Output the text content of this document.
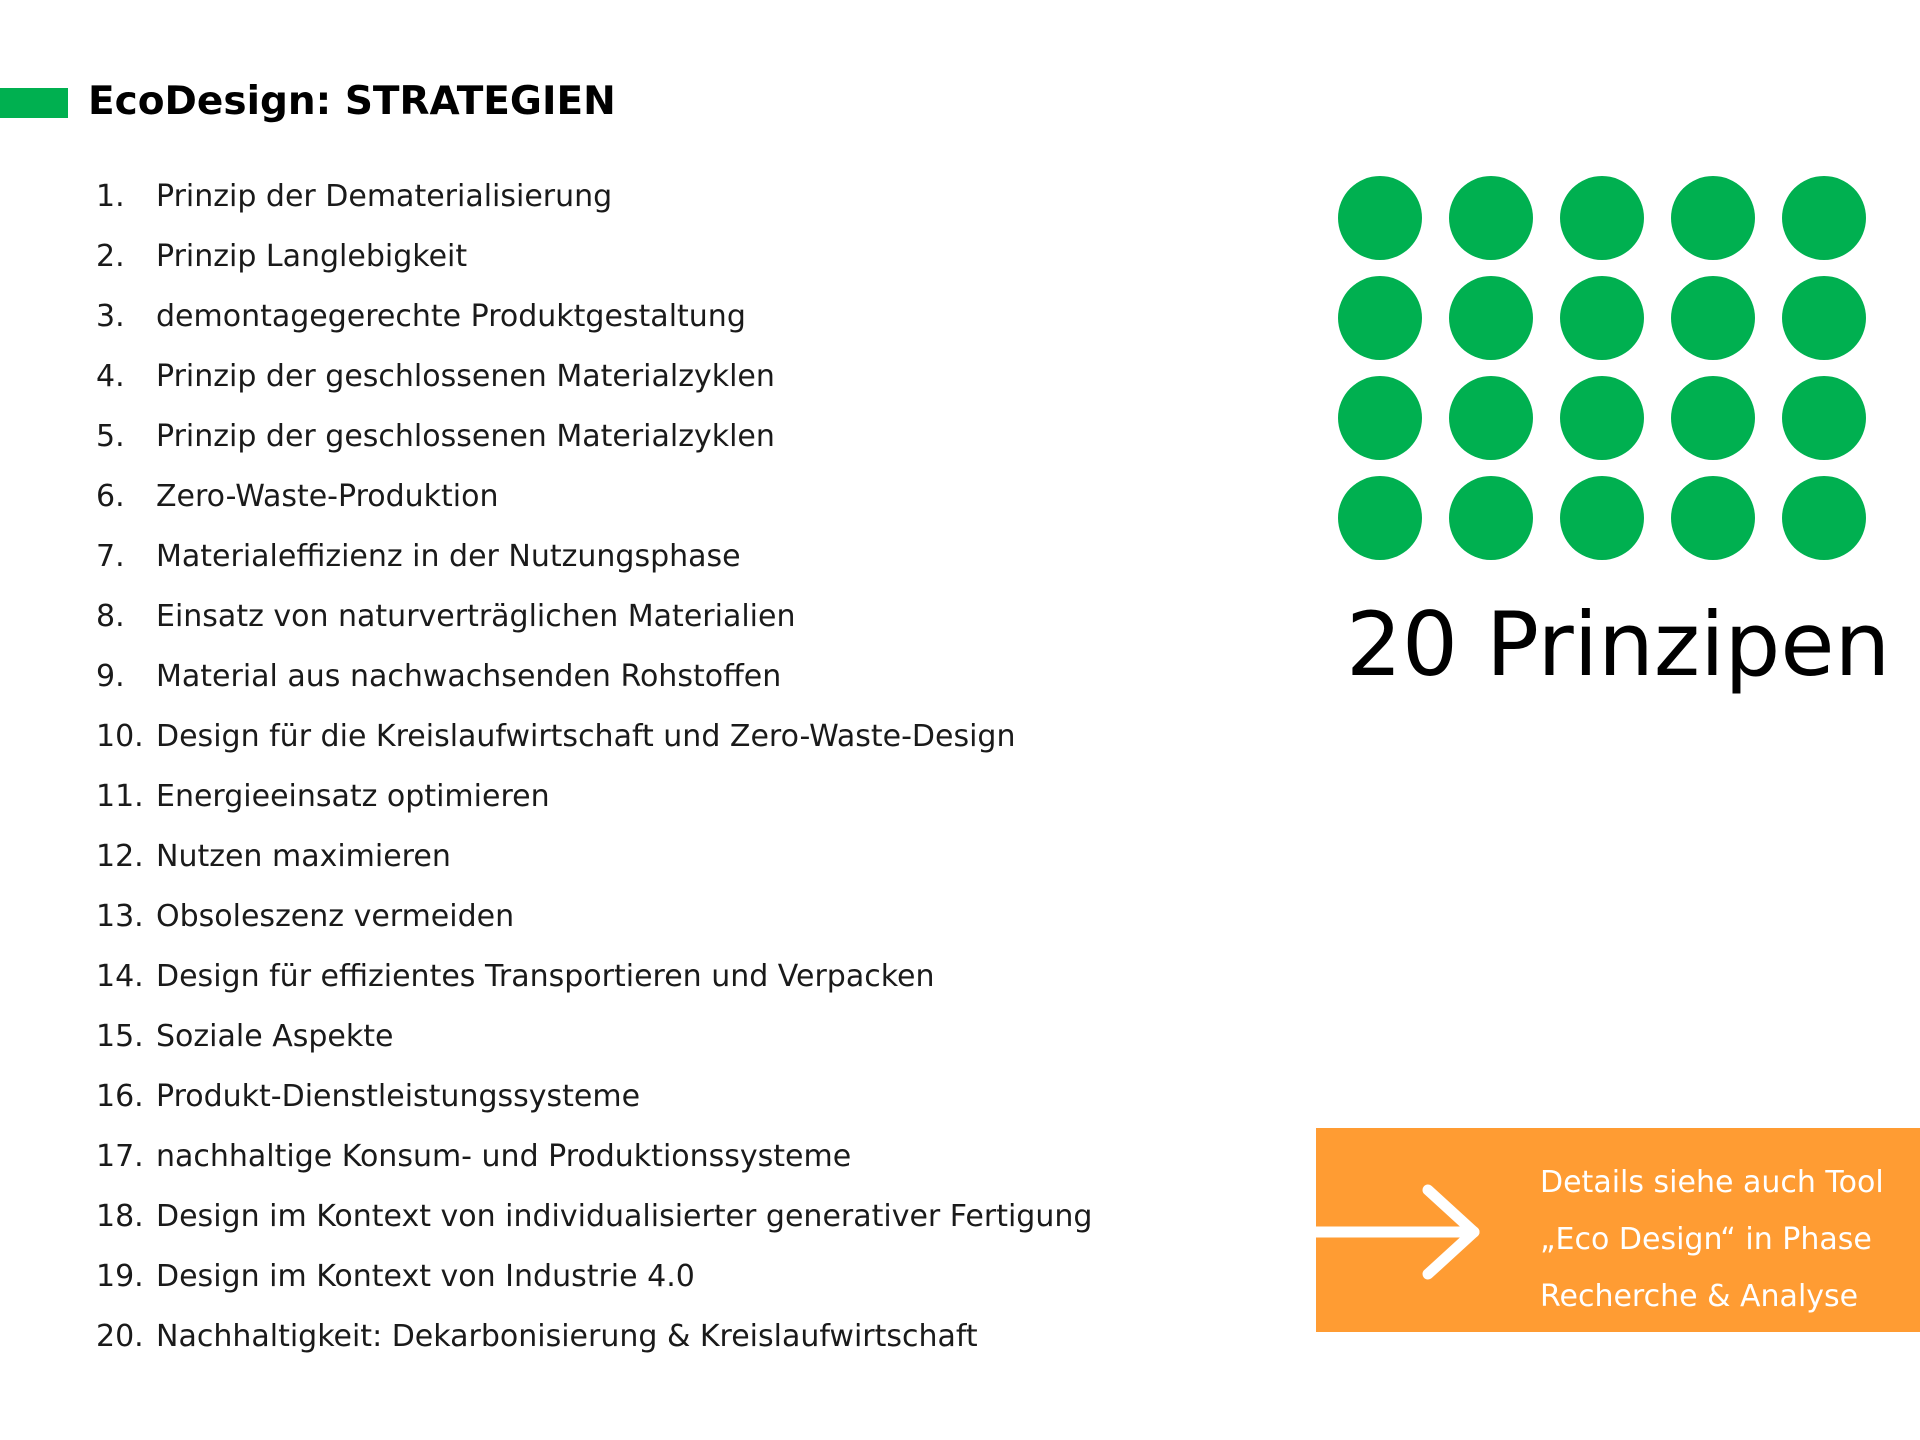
EcoDesign: STRATEGIEN
1.	Prinzip der Dematerialisierung
2.	Prinzip Langlebigkeit
3.	demontagegerechte Produktgestaltung
4.	Prinzip der geschlossenen Materialzyklen
5.	Prinzip der geschlossenen Materialzyklen
6.	Zero-Waste-Produktion
7.	Materialeffizienz in der Nutzungsphase
8.	Einsatz von naturverträglichen Materialien
9.	Material aus nachwachsenden Rohstoffen
10. Design für die Kreislaufwirtschaft und Zero-Waste-Design
11. Energieeinsatz optimieren
12. Nutzen maximieren
13. Obsoleszenz vermeiden
14. Design für effizientes Transportieren und Verpacken
15. Soziale Aspekte
16. Produkt-Dienstleistungssysteme
17. nachhaltige Konsum- und Produktionssysteme
18. Design im Kontext von individualisierter generativer Fertigung
19. Design im Kontext von Industrie 4.0
20. Nachhaltigkeit: Dekarbonisierung & Kreislaufwirtschaft
20 Prinzipen
Details siehe auch Tool
„Eco Design“ in Phase
Recherche & Analyse
